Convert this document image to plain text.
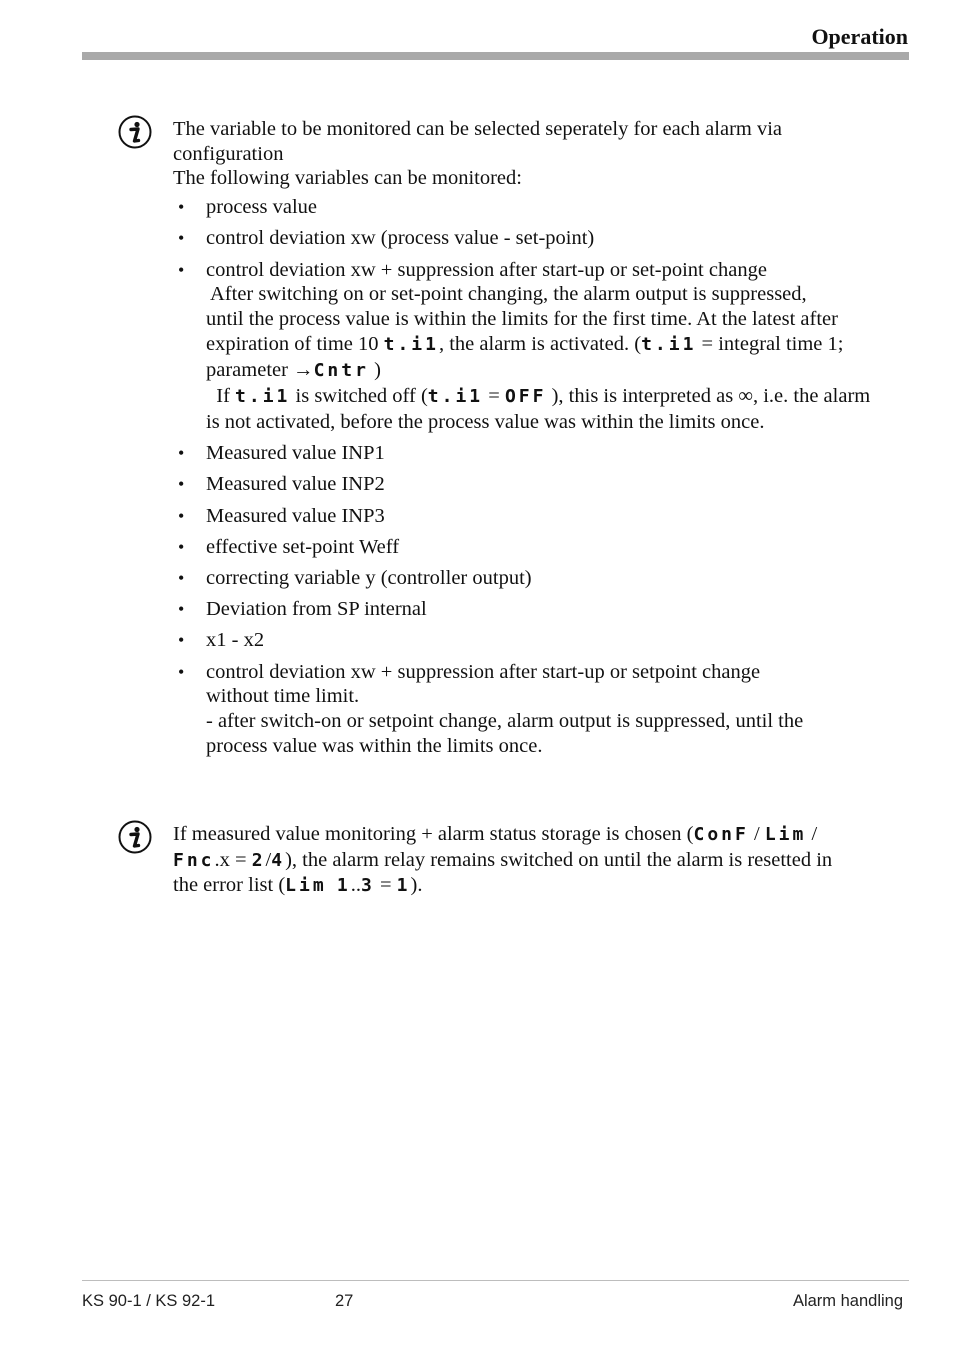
Operation

The variable to be monitored can be selected seperately for each alarm via

configuration

The following variables can be monitored:

• process value
• control deviation xw (process value - set-point)
• control deviation xw + suppression after start-up or set-point change
After switching on or set-point changing, the alarm output is suppressed,
until the process value is within the limits for the first time. At the latest after
expiration of time 10 t.i1, the alarm is activated. (t.i1 = integral time 1;
parameter →Cntr )
If t.i1 is switched off (t.i1 = OFF ), this is interpreted as ∞, i.e. the alarm
is not activated, before the process value was within the limits once.
• Measured value INP1
• Measured value INP2
• Measured value INP3
• effective set-point Weff
• correcting variable y (controller output)
• Deviation from SP internal
• x1 - x2
• control deviation xw + suppression after start-up or setpoint change
without time limit.
- after switch-on or setpoint change, alarm output is suppressed, until the
process value was within the limits once.

If measured value monitoring + alarm status storage is chosen (ConF / Lim /
Fnc.x = 2/4), the alarm relay remains switched on until the alarm is resetted in
the error list (Lim 1..3 = 1).

KS 90-1 / KS 92-1	27	Alarm handling
